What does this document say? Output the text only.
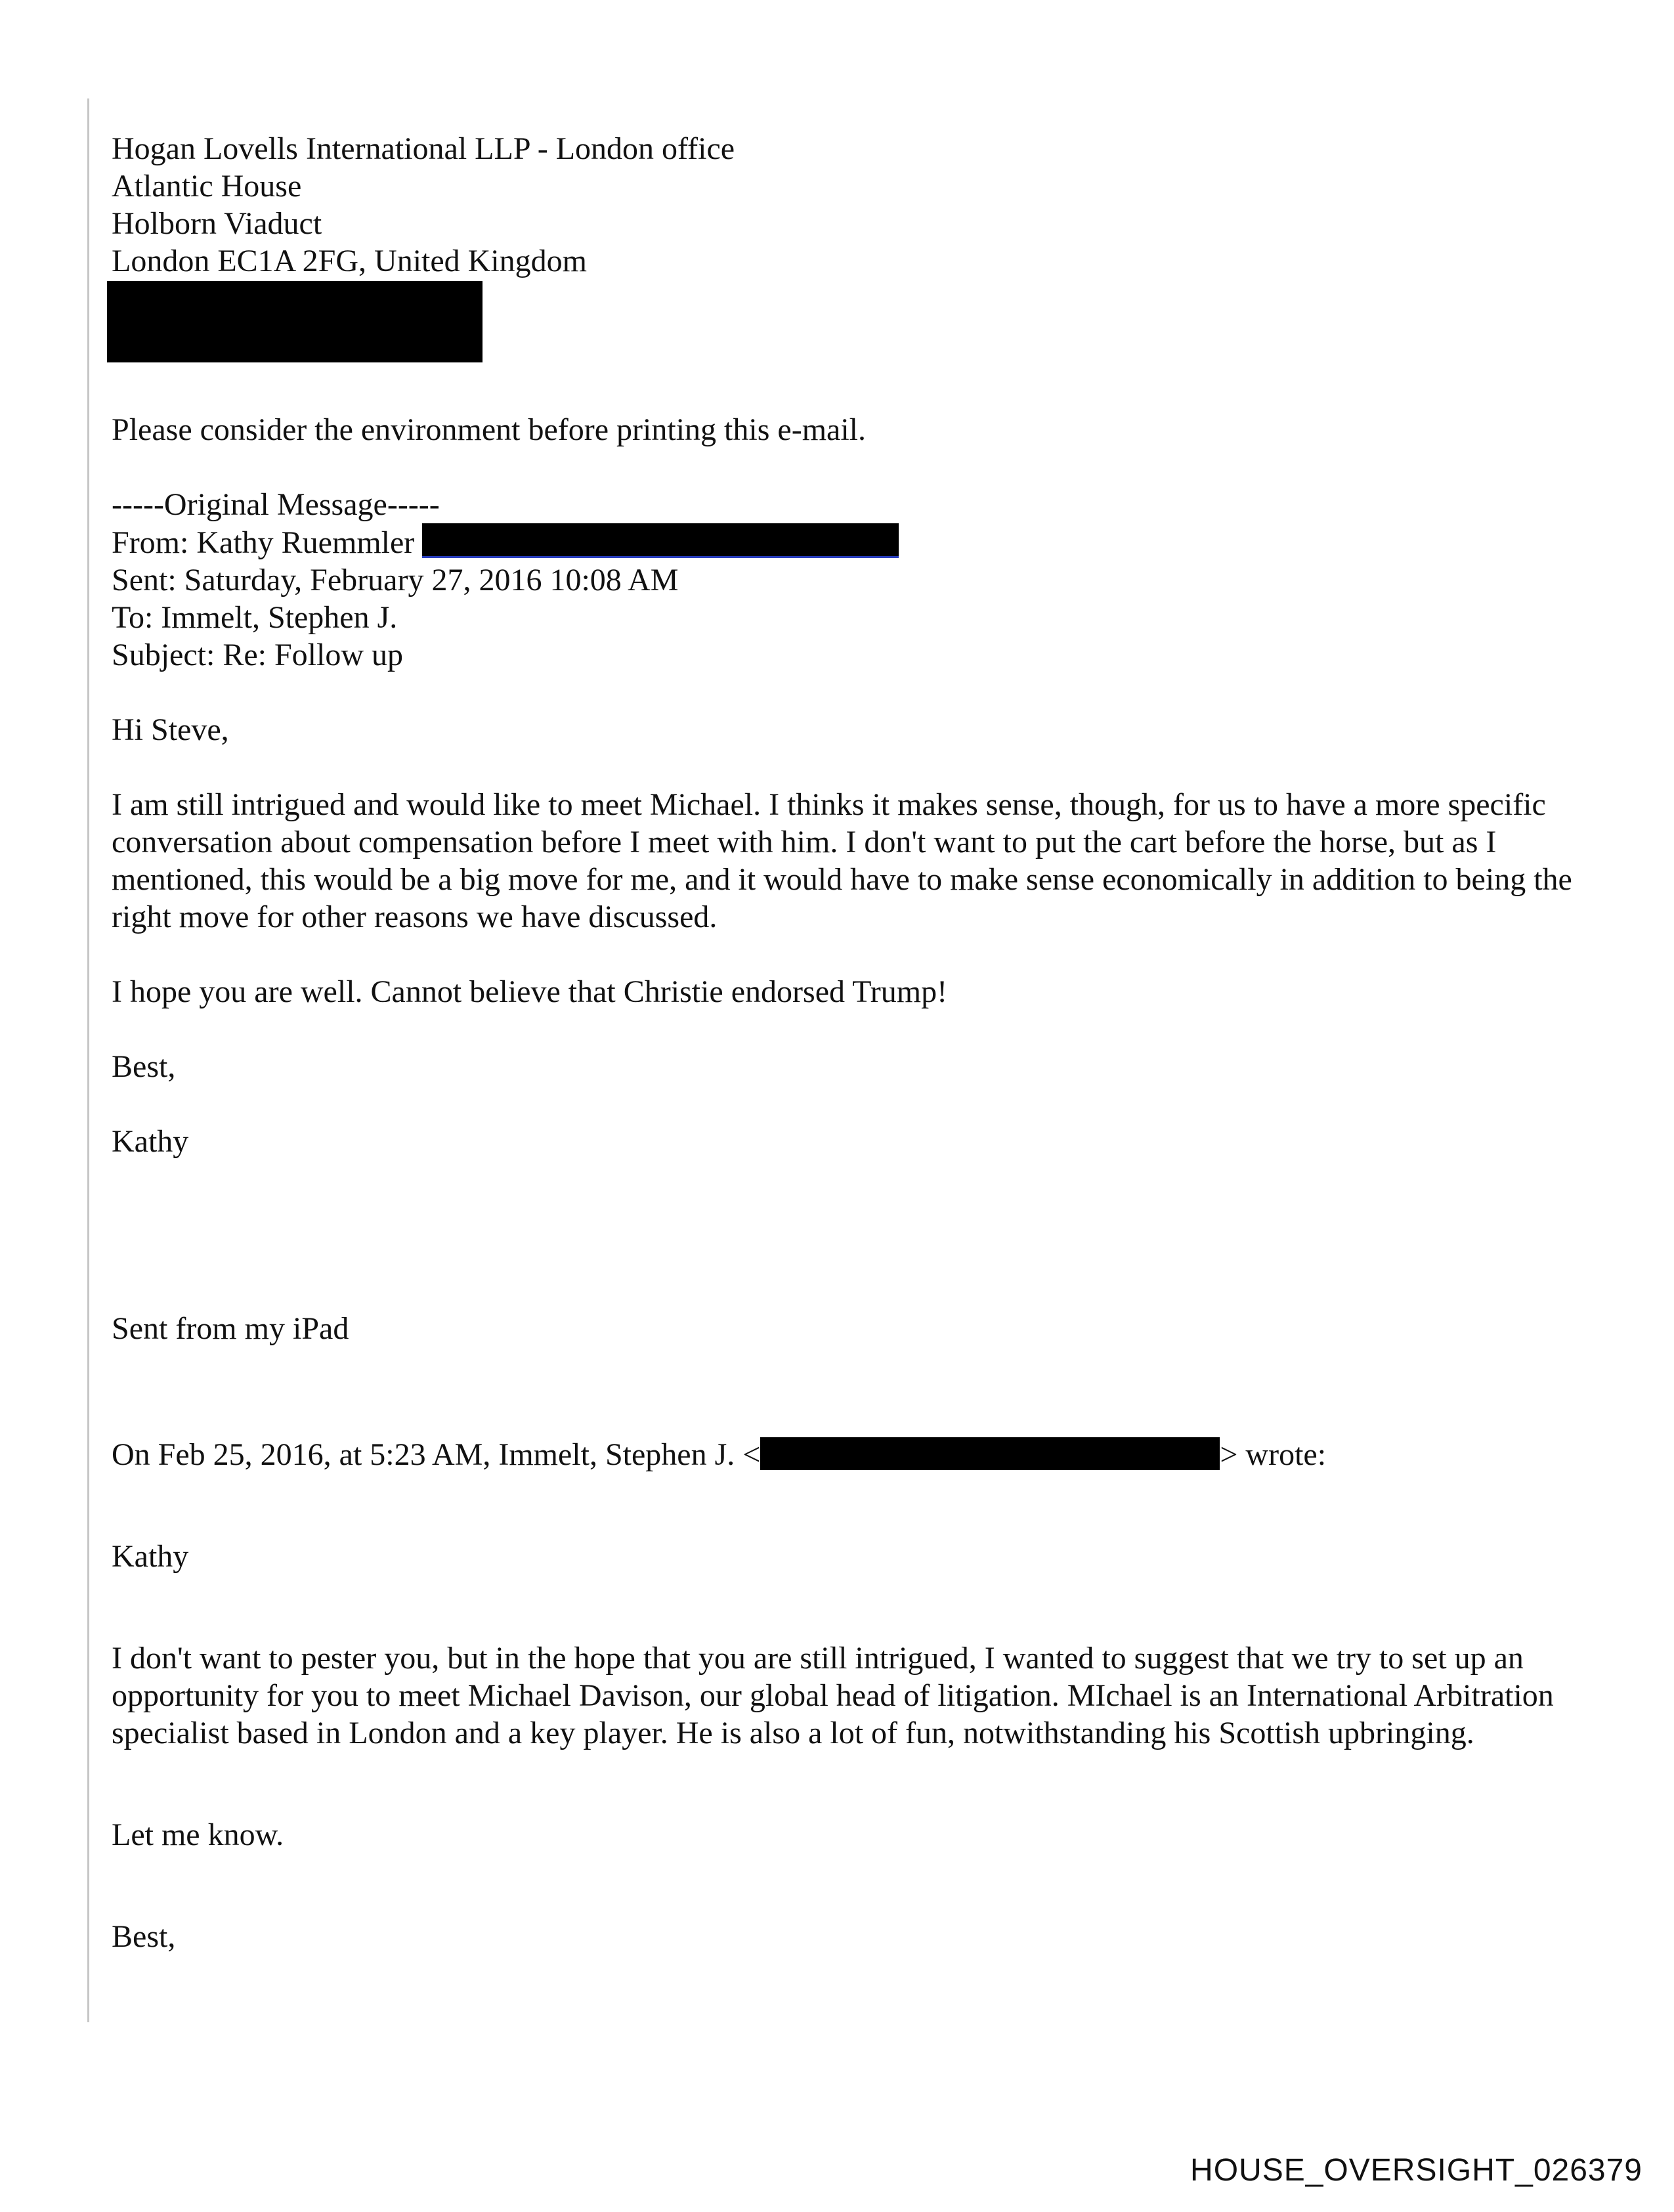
Hogan Lovells International LLP - London office

Atlantic House

Holborn Viaduct

London EC1A 2FG, United Kingdom

Please consider the environment before printing this e-mail.

-----Original Message-----

From: Kathy Ruemmler

Sent: Saturday, February 27, 2016 10:08 AM

To: Immelt, Stephen J.

Subject: Re: Follow up

Hi Steve,

I am still intrigued and would like to meet Michael. I thinks it makes sense, though, for us to have a more specific conversation about compensation before I meet with him. I don't want to put the cart before the horse, but as I mentioned, this would be a big move for me, and it would have to make sense economically in addition to being the right move for other reasons we have discussed.

I hope you are well. Cannot believe that Christie endorsed Trump!

Best,

Kathy

Sent from my iPad

On Feb 25, 2016, at 5:23 AM, Immelt, Stephen J. <	> wrote:

Kathy

I don't want to pester you, but in the hope that you are still intrigued, I wanted to suggest that we try to set up an opportunity for you to meet Michael Davison, our global head of litigation. MIchael is an International Arbitration specialist based in London and a key player. He is also a lot of fun, notwithstanding his Scottish upbringing.

Let me know.

Best,

HOUSE_OVERSIGHT_026379
